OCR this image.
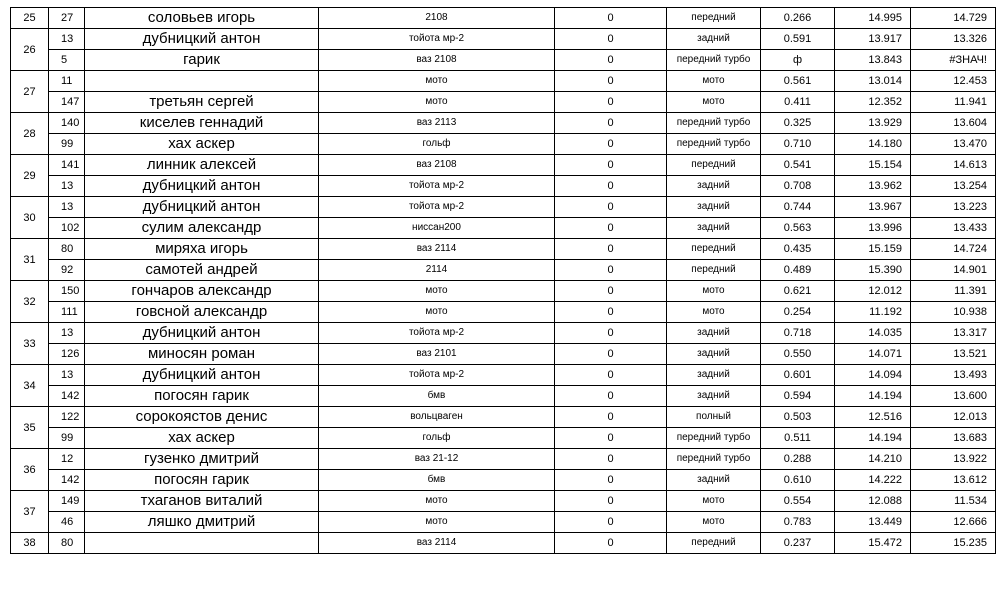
25	27	соловьев игорь	2108	0	передний	0.266	14.995	14.729
26	13	дубницкий антон	тойота мр-2	0	задний	0.591	13.917	13.326
	5	гарик	ваз 2108	0	передний турбо	ф	13.843	#ЗНАЧ!
27	11		мото	0	мото	0.561	13.014	12.453
	147	третьян сергей	мото	0	мото	0.411	12.352	11.941
28	140	киселев геннадий	ваз 2113	0	передний турбо	0.325	13.929	13.604
	99	хах аскер	гольф	0	передний турбо	0.710	14.180	13.470
29	141	линник алексей	ваз 2108	0	передний	0.541	15.154	14.613
	13	дубницкий антон	тойота мр-2	0	задний	0.708	13.962	13.254
30	13	дубницкий антон	тойота мр-2	0	задний	0.744	13.967	13.223
	102	сулим александр	ниссан200	0	задний	0.563	13.996	13.433
31	80	миряха игорь	ваз 2114	0	передний	0.435	15.159	14.724
	92	самотей андрей	2114	0	передний	0.489	15.390	14.901
32	150	гончаров александр	мото	0	мото	0.621	12.012	11.391
	111	говсной александр	мото	0	мото	0.254	11.192	10.938
33	13	дубницкий антон	тойота мр-2	0	задний	0.718	14.035	13.317
	126	миносян роман	ваз 2101	0	задний	0.550	14.071	13.521
34	13	дубницкий антон	тойота мр-2	0	задний	0.601	14.094	13.493
	142	погосян гарик	бмв	0	задний	0.594	14.194	13.600
35	122	сорокоястов денис	вольцваген	0	полный	0.503	12.516	12.013
	99	хах аскер	гольф	0	передний турбо	0.511	14.194	13.683
36	12	гузенко дмитрий	ваз 21-12	0	передний турбо	0.288	14.210	13.922
	142	погосян гарик	бмв	0	задний	0.610	14.222	13.612
37	149	тхаганов виталий	мото	0	мото	0.554	12.088	11.534
	46	ляшко дмитрий	мото	0	мото	0.783	13.449	12.666
38	80		ваз 2114	0	передний	0.237	15.472	15.235
